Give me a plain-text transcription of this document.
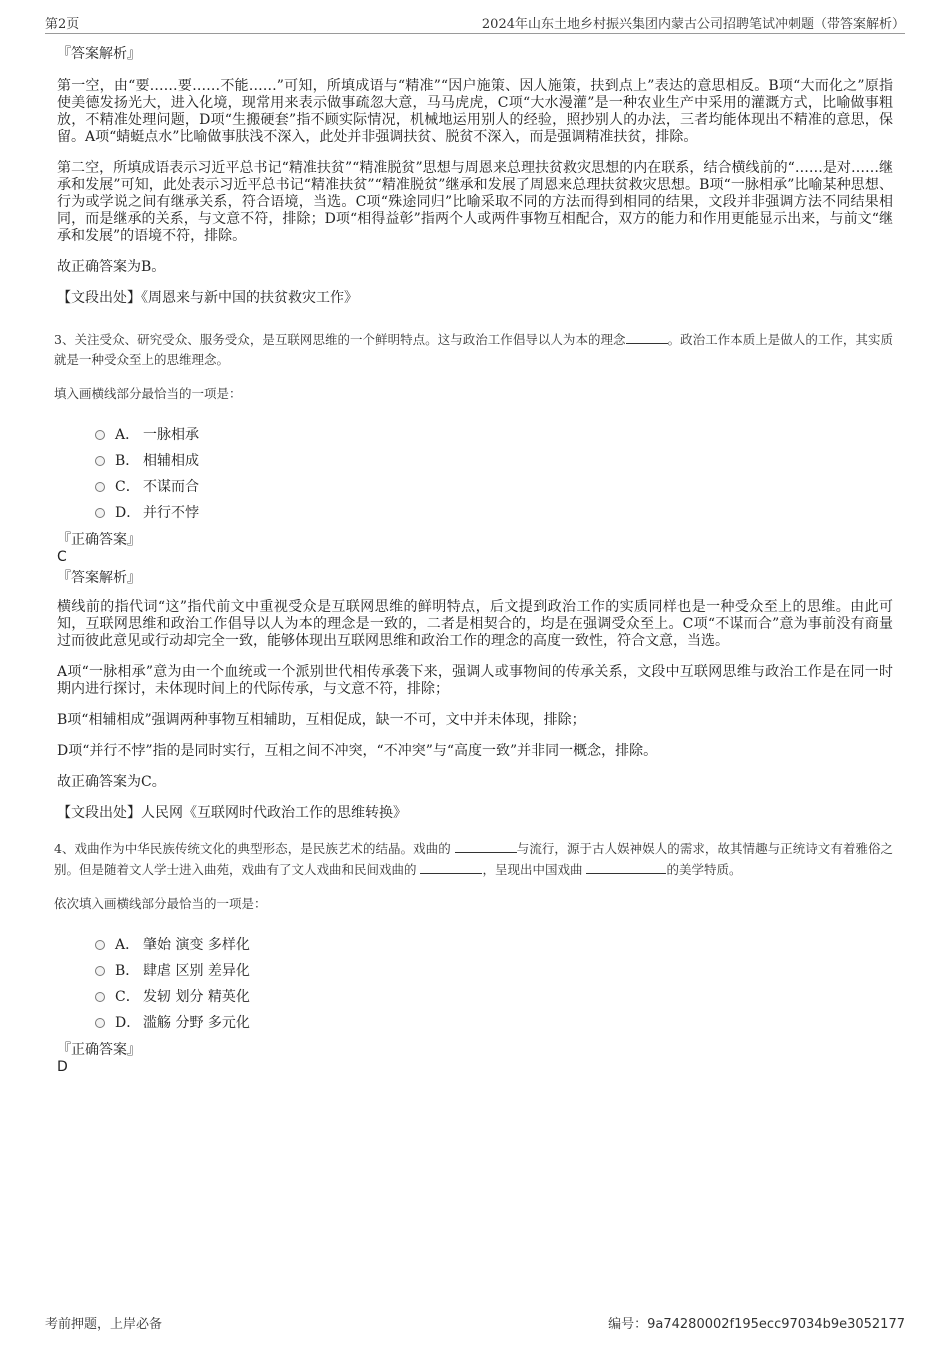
第2页	2024年山东土地乡村振兴集团内蒙古公司招聘笔试冲刺题（带答案解析）

『答案解析』

第一空，由“要……要……不能……”可知，所填成语与“精准”“因户施策、因人施策，扶到点上”表达的意思相反。B项“大而化之”原指使美德发扬光大，进入化境，现常用来表示做事疏忽大意，马马虎虎，C项“大水漫灌”是一种农业生产中采用的灌溉方式，比喻做事粗放，不精准处理问题，D项“生搬硬套”指不顾实际情况，机械地运用别人的经验，照抄别人的办法，三者均能体现出不精准的意思，保留。A项“蜻蜓点水”比喻做事肤浅不深入，此处并非强调扶贫、脱贫不深入，而是强调精准扶贫，排除。

第二空，所填成语表示习近平总书记“精准扶贫”“精准脱贫”思想与周恩来总理扶贫救灾思想的内在联系，结合横线前的“……是对……继承和发展”可知，此处表示习近平总书记“精准扶贫”“精准脱贫”继承和发展了周恩来总理扶贫救灾思想。B项“一脉相承”比喻某种思想、行为或学说之间有继承关系，符合语境，当选。C项“殊途同归”比喻采取不同的方法而得到相同的结果，文段并非强调方法不同结果相同，而是继承的关系，与文意不符，排除；D项“相得益彰”指两个人或两件事物互相配合，双方的能力和作用更能显示出来，与前文“继承和发展”的语境不符，排除。

故正确答案为B。

【文段出处】《周恩来与新中国的扶贫救灾工作》

3、关注受众、研究受众、服务受众，是互联网思维的一个鲜明特点。这与政治工作倡导以人为本的理念	。政治工作本质上是做人的工作，其实质就是一种受众至上的思维理念。

填入画横线部分最恰当的一项是：

A． 一脉相承
B． 相辅相成
C． 不谋而合
D． 并行不悖

『正确答案』

C

『答案解析』

横线前的指代词“这”指代前文中重视受众是互联网思维的鲜明特点，后文提到政治工作的实质同样也是一种受众至上的思维。由此可知，互联网思维和政治工作倡导以人为本的理念是一致的，二者是相契合的，均是在强调受众至上。C项“不谋而合”意为事前没有商量过而彼此意见或行动却完全一致，能够体现出互联网思维和政治工作的理念的高度一致性，符合文意，当选。

A项“一脉相承”意为由一个血统或一个派别世代相传承袭下来，强调人或事物间的传承关系，文段中互联网思维与政治工作是在同一时期内进行探讨，未体现时间上的代际传承，与文意不符，排除；

B项“相辅相成”强调两种事物互相辅助，互相促成，缺一不可，文中并未体现，排除；

D项“并行不悖”指的是同时实行，互相之间不冲突，“不冲突”与“高度一致”并非同一概念，排除。

故正确答案为C。

【文段出处】人民网《互联网时代政治工作的思维转换》

4、戏曲作为中华民族传统文化的典型形态，是民族艺术的结晶。戏曲的	与流行，源于古人娱神娱人的需求，故其情趣与正统诗文有着雅俗之别。但是随着文人学士进入曲苑，戏曲有了文人戏曲和民间戏曲的	，呈现出中国戏曲	的美学特质。

依次填入画横线部分最恰当的一项是：

A． 肇始 演变 多样化
B． 肆虐 区别 差异化
C． 发轫 划分 精英化
D． 滥觞 分野 多元化

『正确答案』

D

考前押题，上岸必备	编号：9a74280002f195ecc97034b9e3052177
